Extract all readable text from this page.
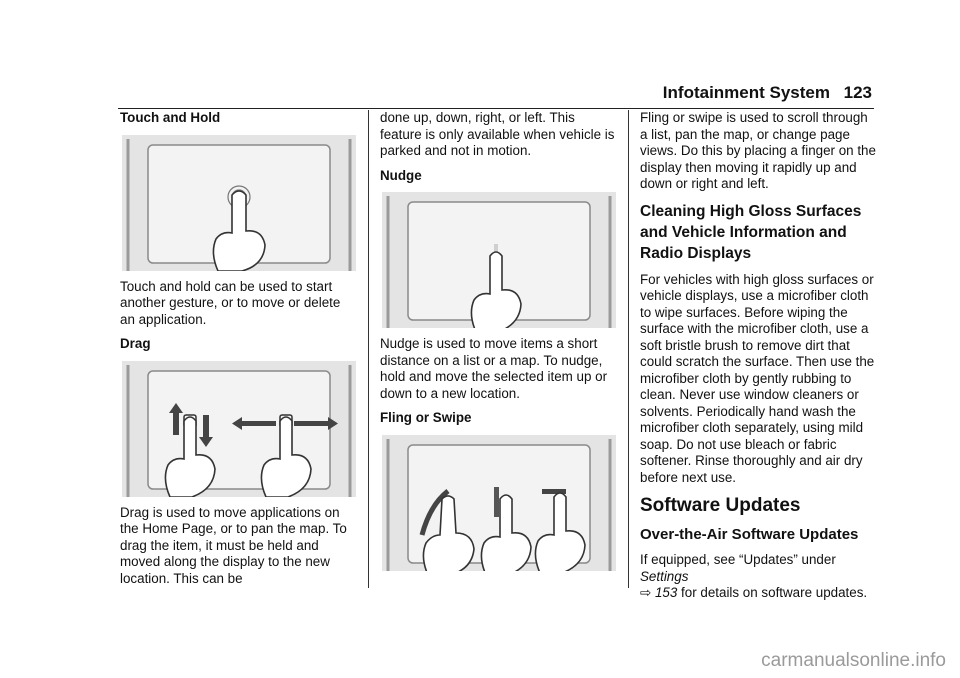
Infotainment System 123
Touch and Hold

Touch and hold can be used to start another gesture, or to move or delete an application.

Drag

Drag is used to move applications on the Home Page, or to pan the map. To drag the item, it must be held and moved along the display to the new location. This can be

done up, down, right, or left. This feature is only available when vehicle is parked and not in motion.

Nudge

Nudge is used to move items a short distance on a list or a map. To nudge, hold and move the selected item up or down to a new location.

Fling or Swipe

Fling or swipe is used to scroll through a list, pan the map, or change page views. Do this by placing a finger on the display then moving it rapidly up and down or right and left.

Cleaning High Gloss Surfaces and Vehicle Information and Radio Displays

For vehicles with high gloss surfaces or vehicle displays, use a microfiber cloth to wipe surfaces. Before wiping the surface with the microfiber cloth, use a soft bristle brush to remove dirt that could scratch the surface. Then use the microfiber cloth by gently rubbing to clean. Never use window cleaners or solvents. Periodically hand wash the microfiber cloth separately, using mild soap. Do not use bleach or fabric softener. Rinse thoroughly and air dry before next use.

Software Updates
Over-the-Air Software Updates

If equipped, see “Updates” under Settings
⇨ 153 for details on software updates.

carmanualsonline.info
